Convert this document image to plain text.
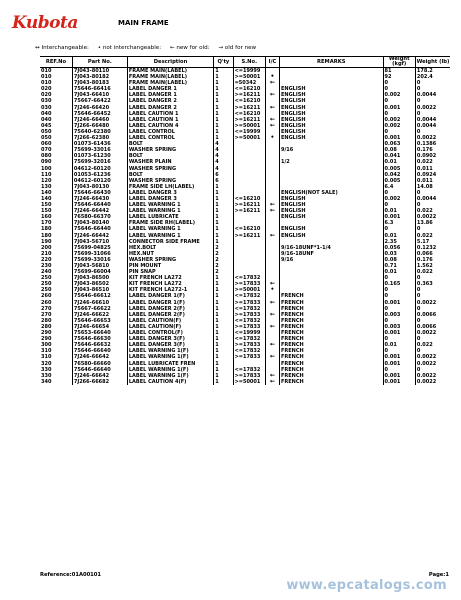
Kubota	MAIN FRAME
↔ Interchangeable: • not interchangeable: ← new for old: → old for new
REF.No	Part No.	Description	Q'ty	S.No.	I/C	REMARKS	Weight (kgf)	Weight (lb)
010	7J043-80110	FRAME MAIN(LABEL)	1	<=19999			81	178.2
010	7J043-80182	FRAME MAIN(LABEL)	1	>=50001	•		92	202.4
010	7J043-80183	FRAME MAIN(LABEL)	1	=50342	←		0	0
020	75646-66416	LABEL DANGER 1	1	<=16210		ENGLISH	0	0
020	7J043-66410	LABEL DANGER 1	1	>=16211	←	ENGLISH	0.002	0.0044
030	75667-66422	LABEL DANGER 2	1	<=16210		ENGLISH	0	0
030	7J246-66420	LABEL DANGER 2	1	>=16211	←	ENGLISH	0.001	0.0022
040	75646-66452	LABEL CAUTION 1	1	<=16210		ENGLISH	0	0
040	7J246-66460	LABEL CAUTION 1	1	>=16211	←	ENGLISH	0.002	0.0044
045	7J266-66480	LABEL CAUTION 4	1	>=50001	←	ENGLISH	0.002	0.0044
050	75640-62380	LABEL CONTROL	1	<=19999		ENGLISH	0	0
050	7J266-62380	LABEL CONTROL	1	>=50001	•	ENGLISH	0.001	0.0022
060	01073-61436	BOLT	4				0.063	0.1386
070	75699-33016	WASHER SPRING	4			9/16	0.08	0.176
080	01073-61230	BOLT	4				0.041	0.0902
090	75699-32016	WASHER PLAIN	4			1/2	0.01	0.022
100	04612-60120	WASHER SPRING	4				0.005	0.011
110	01053-61236	BOLT	6				0.042	0.0924
120	04612-60120	WASHER SPRING	6				0.005	0.011
130	7J043-80130	FRAME SIDE LH(LABEL)	1				6.4	14.08
140	75646-66430	LABEL DANGER 3	1			ENGLISH(NOT SALE)	0	0
140	7J246-66430	LABEL DANGER 3	1	<=16210		ENGLISH	0.002	0.0044
150	75646-66440	LABEL WARNING 1	1	>=16211	←	ENGLISH	0	0
150	7J246-66442	LABEL WARNING 1	1	>=16211	←	ENGLISH	0.01	0.022
160	76580-66370	LABEL LUBRICATE	1			ENGLISH	0.001	0.0022
170	7J043-80140	FRAME SIDE RH(LABEL)	1				6.3	13.86
180	75646-66440	LABEL WARNING 1	1	<=16210		ENGLISH	0	0
180	7J246-66442	LABEL WARNING 1	1	>=16211	←	ENGLISH	0.01	0.022
190	7J043-56710	CONNECTOR SIDE FRAME	1				2.35	5.17
200	75699-04825	HEX.BOLT	2			9/16-18UNF*1-1/4	0.056	0.1232
210	75699-31066	HEX.NUT	2			9/16-18UNF	0.03	0.066
220	75699-33016	WASHER SPRING	2			9/16	0.08	0.176
230	7J043-56810	PIN MOUNT	2				0.71	1.562
240	75699-66004	PIN SNAP	2				0.01	0.022
250	7J043-86500	KIT FRENCH LA272	1	<=17832			0	0
250	7J043-86502	KIT FRENCH LA272	1	>=17833	←		0.165	0.363
250	7J043-86510	KIT FRENCH LA272-1	1	>=50001	•		0	0
260	75646-66612	LABEL DANGER 1(F)	1	<=17832		FRENCH	0	0
260	7J246-66610	LABEL DANGER 1(F)	1	>=17833	←	FRENCH	0.001	0.0022
270	75667-66622	LABEL DANGER 2(F)	1	<=17832		FRENCH	0	0
270	7J246-66622	LABEL DANGER 2(F)	1	>=17833	←	FRENCH	0.003	0.0066
280	75646-66653	LABEL CAUTION(F)	1	<=17832		FRENCH	0	0
280	7J246-66654	LABEL CAUTION(F)	1	>=17833	←	FRENCH	0.003	0.0066
290	75653-66640	LABEL CONTROL(F)	1	<=19999		FRENCH	0.001	0.0022
290	75646-66630	LABEL DANGER 3(F)	1	<=17832		FRENCH	0	0
300	75646-66632	LABEL DANGER 3(F)	1	>=17833	←	FRENCH	0.01	0.022
310	75646-66640	LABEL WARNING 1(F)	1	<=17832		FRENCH	0	0
310	7J246-66642	LABEL WARNING 1(F)	1	>=17833	←	FRENCH	0.001	0.0022
320	76580-66660	LABEL LUBRICATE FREN	1			FRENCH	0.001	0.0022
330	75646-66640	LABEL WARNING 1(F)	1	<=17832		FRENCH	0	0
330	7J246-66642	LABEL WARNING 1(F)	1	>=17833	←	FRENCH	0.001	0.0022
340	7J266-66682	LABEL CAUTION 4(F)	1	>=50001	←	FRENCH	0.001	0.0022
Reference:01A00101	Page:1
www.epcatalogs.com
